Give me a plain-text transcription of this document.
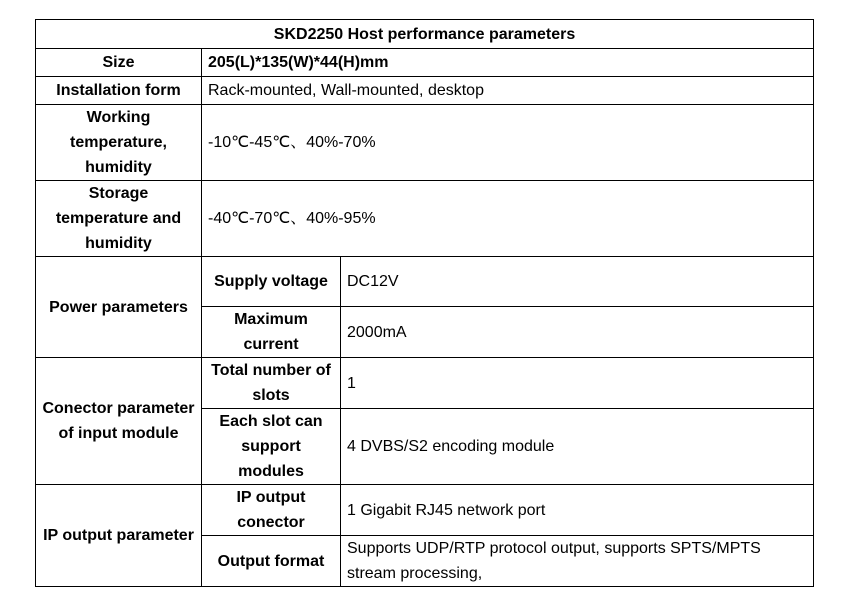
SKD2250 Host performance parameters		
Size	205(L)*135(W)*44(H)mm	
Installation form	Rack-mounted, Wall-mounted, desktop	
Working temperature, humidity	-10℃-45℃、40%-70%	
Storage temperature and humidity	-40℃-70℃、40%-95%	
Power parameters	Supply voltage	DC12V
	Maximum current	2000mA
Conector parameter of input module	Total number of slots	1
	Each slot can support modules	4 DVBS/S2 encoding module
IP output parameter	IP output conector	1 Gigabit RJ45 network port
	Output format	Supports UDP/RTP protocol output, supports SPTS/MPTS stream processing,
